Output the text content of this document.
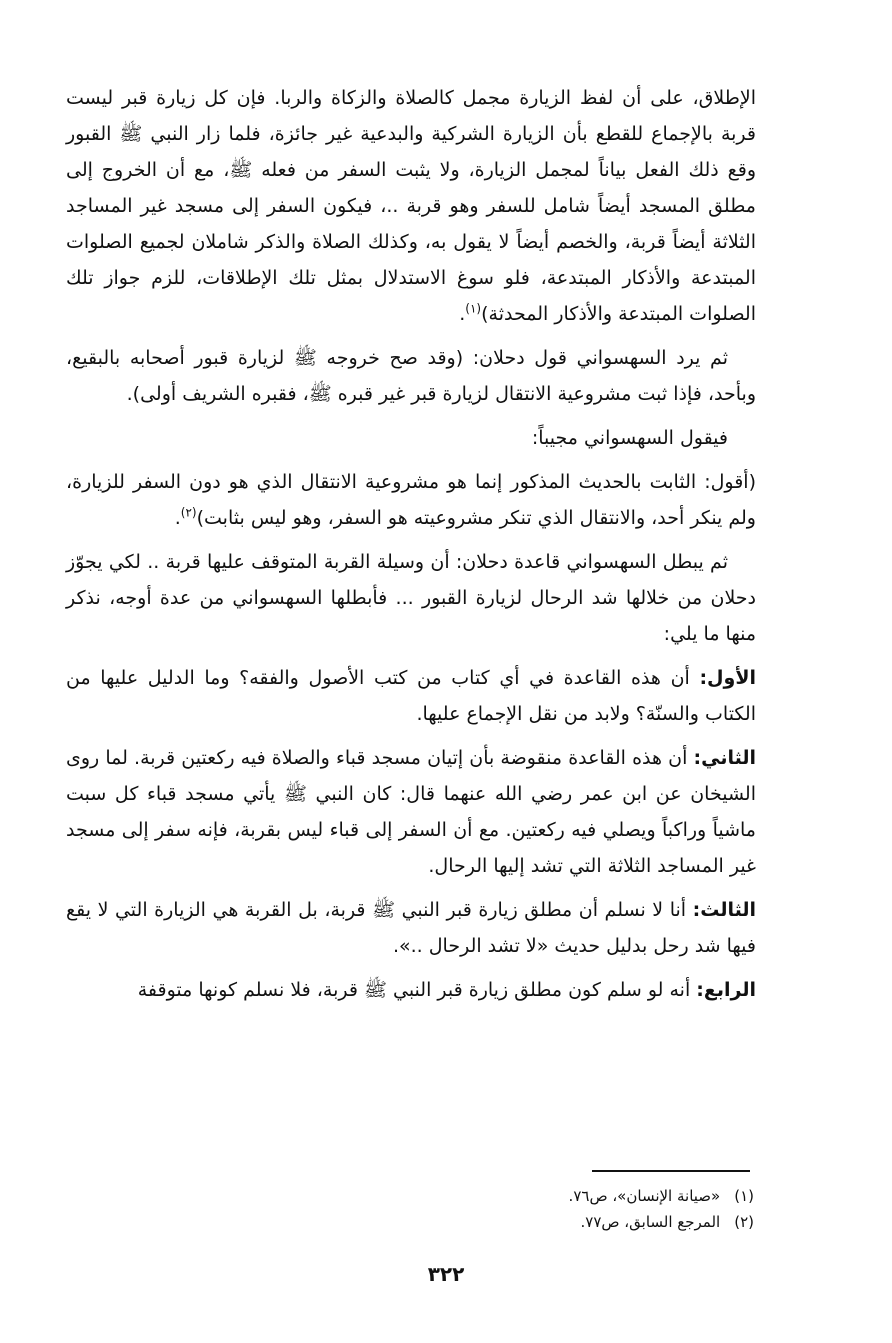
الإطلاق، على أن لفظ الزيارة مجمل كالصلاة والزكاة والربا. فإن كل زيارة قبر ليست قربة بالإجماع للقطع بأن الزيارة الشركية والبدعية غير جائزة، فلما زار النبي ﷺ القبور وقع ذلك الفعل بياناً لمجمل الزيارة، ولا يثبت السفر من فعله ﷺ، مع أن الخروج إلى مطلق المسجد أيضاً شامل للسفر وهو قربة ..، فيكون السفر إلى مسجد غير المساجد الثلاثة أيضاً قربة، والخصم أيضاً لا يقول به، وكذلك الصلاة والذكر شاملان لجميع الصلوات المبتدعة والأذكار المبتدعة، فلو سوغ الاستدلال بمثل تلك الإطلاقات، للزم جواز تلك الصلوات المبتدعة والأذكار المحدثة)$^{(١)}$.

ثم يرد السهسواني قول دحلان: (وقد صح خروجه ﷺ لزيارة قبور أصحابه بالبقيع، وبأحد، فإذا ثبت مشروعية الانتقال لزيارة قبر غير قبره ﷺ، فقبره الشريف أولى).

فيقول السهسواني مجيباً:

(أقول: الثابت بالحديث المذكور إنما هو مشروعية الانتقال الذي هو دون السفر للزيارة، ولم ينكر أحد، والانتقال الذي تنكر مشروعيته هو السفر، وهو ليس بثابت)$^{(٢)}$.

ثم يبطل السهسواني قاعدة دحلان: أن وسيلة القربة المتوقف عليها قربة .. لكي يجوّز دحلان من خلالها شد الرحال لزيارة القبور ... فأبطلها السهسواني من عدة أوجه، نذكر منها ما يلي:

الأول: أن هذه القاعدة في أي كتاب من كتب الأصول والفقه؟ وما الدليل عليها من الكتاب والسنّة؟ ولابد من نقل الإجماع عليها.

الثاني: أن هذه القاعدة منقوضة بأن إتيان مسجد قباء والصلاة فيه ركعتين قربة. لما روى الشيخان عن ابن عمر رضي الله عنهما قال: كان النبي ﷺ يأتي مسجد قباء كل سبت ماشياً وراكباً ويصلي فيه ركعتين. مع أن السفر إلى قباء ليس بقربة، فإنه سفر إلى مسجد غير المساجد الثلاثة التي تشد إليها الرحال.

الثالث: أنا لا نسلم أن مطلق زيارة قبر النبي ﷺ قربة، بل القربة هي الزيارة التي لا يقع فيها شد رحل بدليل حديث «لا تشد الرحال ..».

الرابع: أنه لو سلم كون مطلق زيارة قبر النبي ﷺ قربة، فلا نسلم كونها متوقفة

(١)«صيانة الإنسان»، ص٧٦.

(٢)المرجع السابق، ص٧٧.

٣٢٢
